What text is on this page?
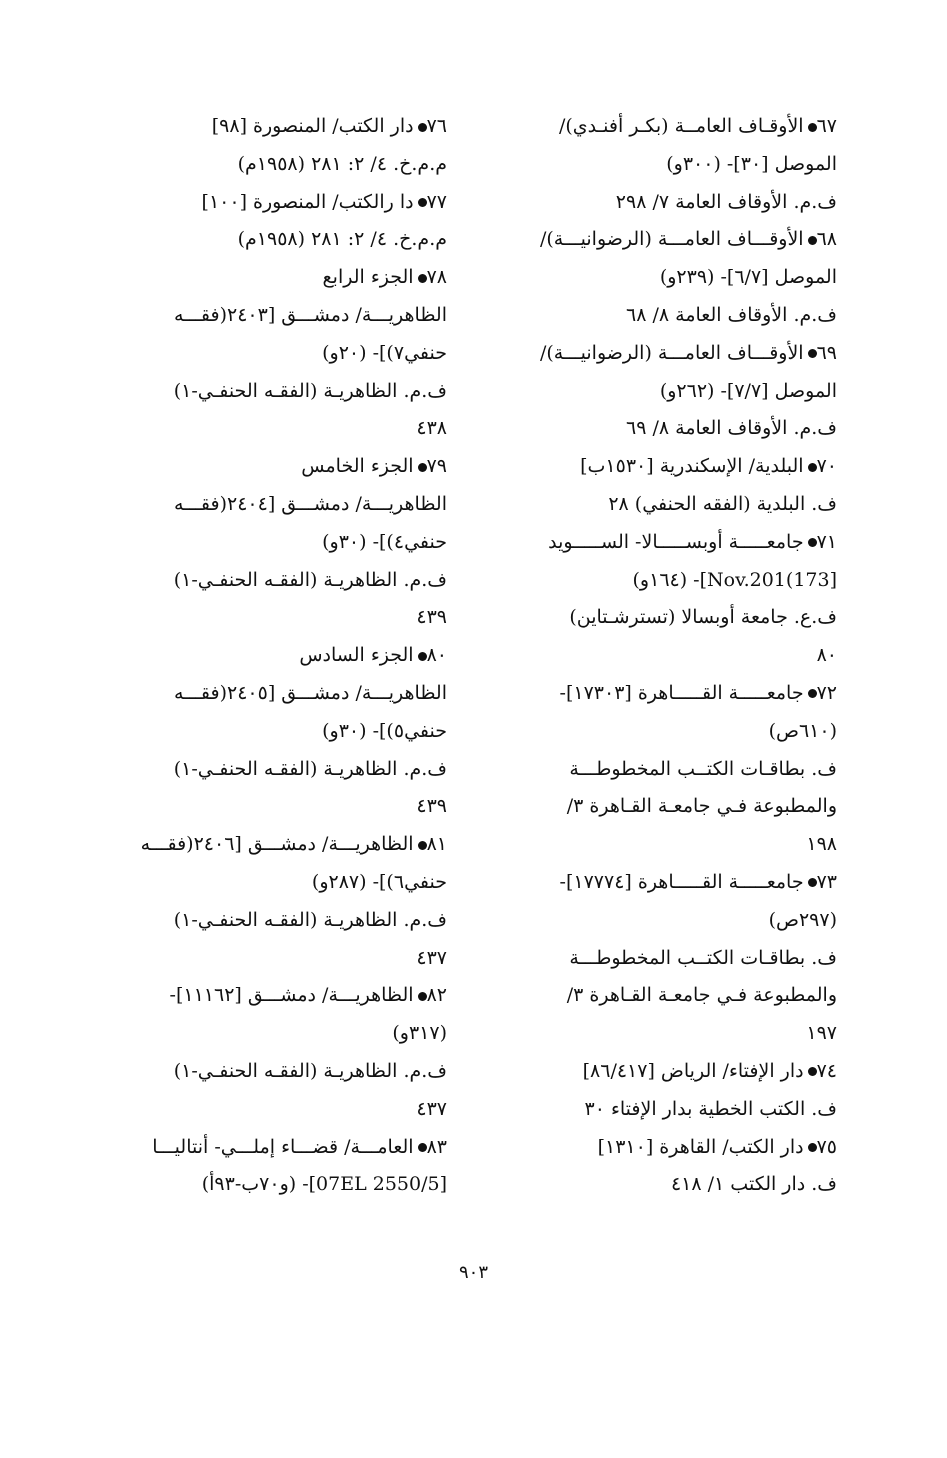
٦٧الأوقـاف العامــة (بكـر أفنـدي)/
الموصل [٣٠]- (٣٠٠و)
ف.م. الأوقاف العامة ٧/ ٢٩٨
٦٨الأوقـــاف العامـــة (الرضوانيـــة)/
الموصل [٦/٧]- (٢٣٩و)
ف.م. الأوقاف العامة ٨/ ٦٨
٦٩الأوقـــاف العامـــة (الرضوانيـــة)/
الموصل [٧/٧]- (٢٦٢و)
ف.م. الأوقاف العامة ٨/ ٦٩
٧٠البلدية/ الإسكندرية [١٥٣٠ب]
ف. البلدية (الفقه الحنفي) ٢٨
٧١جامعـــــة أوبســـــالا- الســـــويد
[173)Nov.201]- (١٦٤و)
ف.ع. جامعة أوبسالا (تسترشـتاين)
٨٠
٧٢جامعـــــة القـــــاهرة [١٧٣٠٣]-
(٦١٠ص)
ف. بطاقـات الكتــب المخطوطـــة
والمطبوعة فـي جامعـة القـاهرة ٣/
١٩٨
٧٣جامعـــــة القـــــاهرة [١٧٧٧٤]-
(٢٩٧ص)
ف. بطاقـات الكتــب المخطوطـــة
والمطبوعة فـي جامعـة القـاهرة ٣/
١٩٧
٧٤دار الإفتاء/ الرياض [٨٦/٤١٧]
ف. الكتب الخطية بدار الإفتاء ٣٠
٧٥دار الكتب/ القاهرة [١٣١٠]
ف. دار الكتب ١/ ٤١٨
٧٦دار الكتب/ المنصورة [٩٨]
م.م.خ. ٤/ ٢: ٢٨١ (١٩٥٨م)
٧٧دا رالكتب/ المنصورة [١٠٠]
م.م.خ. ٤/ ٢: ٢٨١ (١٩٥٨م)
٧٨الجزء الرابع
الظاهريـــة/ دمشـــق [٢٤٠٣(فقـــه
حنفي٧)]- (٢٠و)
ف.م. الظاهريـة (الفقـه الحنفـي-١)
٤٣٨
٧٩الجزء الخامس
الظاهريـــة/ دمشـــق [٢٤٠٤(فقـــه
حنفي٤)]- (٣٠و)
ف.م. الظاهريـة (الفقـه الحنفـي-١)
٤٣٩
٨٠الجزء السادس
الظاهريـــة/ دمشـــق [٢٤٠٥(فقـــه
حنفي٥)]- (٣٠و)
ف.م. الظاهريـة (الفقـه الحنفـي-١)
٤٣٩
٨١الظاهريـــة/ دمشـــق [٢٤٠٦(فقـــه
حنفي٦)]- (٢٨٧و)
ف.م. الظاهريـة (الفقـه الحنفـي-١)
٤٣٧
٨٢الظاهريـــة/ دمشـــق [١١١٦٢]-
(٣١٧و)
ف.م. الظاهريـة (الفقـه الحنفـي-١)
٤٣٧
٨٣العامـــة/ قضـــاء إملـــي- أنتاليـــا
[07EL 2550/5]- (و٧٠ب-٩٣أ)
٩٠٣
